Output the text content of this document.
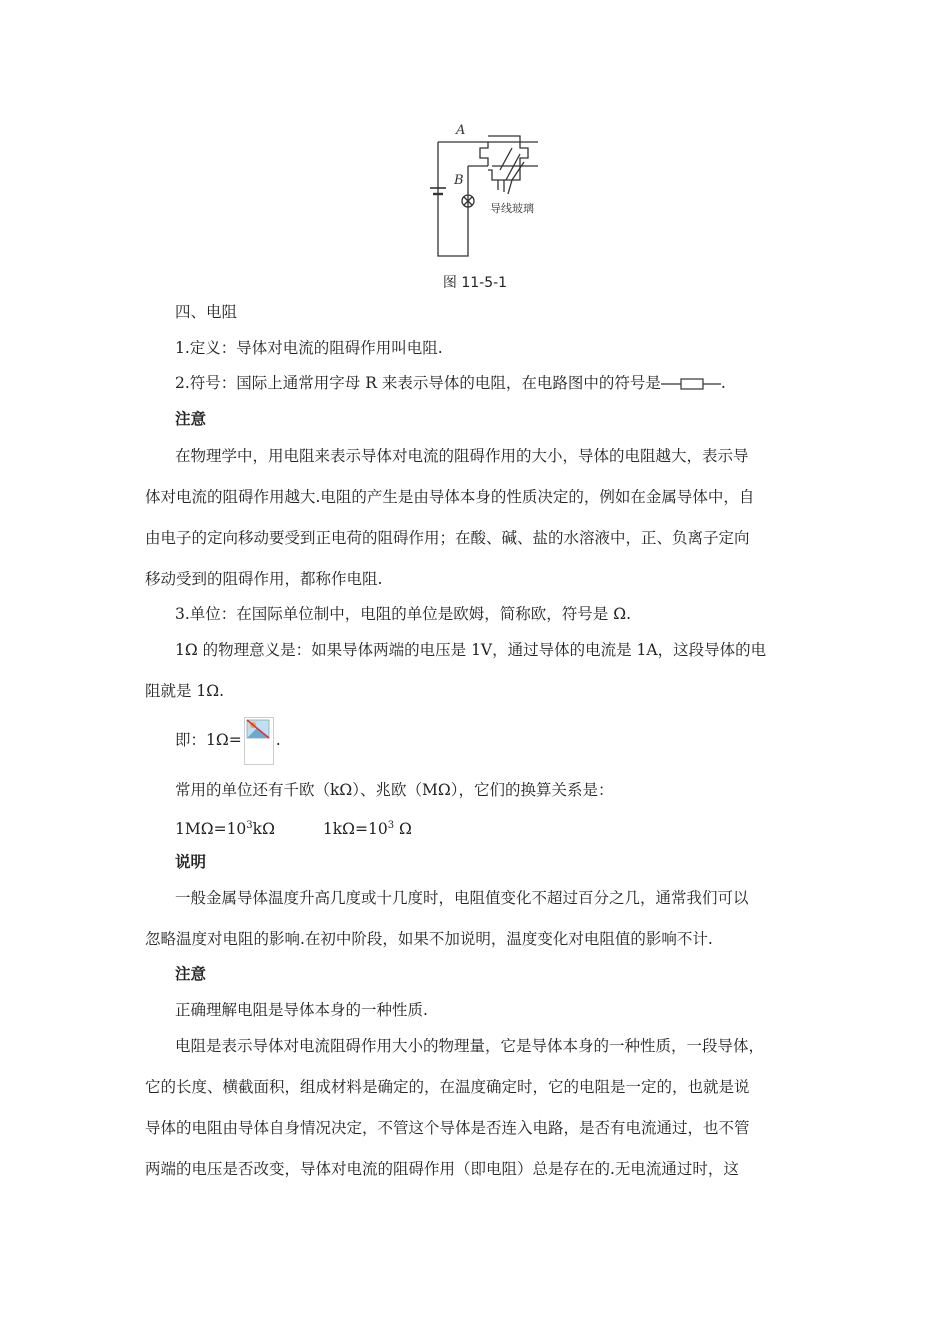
A
B
导线玻璃
图 11-5-1
四、电阻
1.定义：导体对电流的阻碍作用叫电阻.
2.符号：国际上通常用字母 R 来表示导体的电阻，在电路图中的符号是	.
注意
在物理学中，用电阻来表示导体对电流的阻碍作用的大小，导体的电阻越大，表示导
体对电流的阻碍作用越大.电阻的产生是由导体本身的性质决定的，例如在金属导体中，自
由电子的定向移动要受到正电荷的阻碍作用；在酸、碱、盐的水溶液中，正、负离子定向
移动受到的阻碍作用，都称作电阻.
3.单位：在国际单位制中，电阻的单位是欧姆，简称欧，符号是 Ω.
1Ω 的物理意义是：如果导体两端的电压是 1V，通过导体的电流是 1A，这段导体的电
阻就是 1Ω.
即：1Ω= .
常用的单位还有千欧（kΩ）、兆欧（MΩ），它们的换算关系是：
$1M\Omega=10^3k\Omega$	$1k\Omega=10^3$ Ω
说明
一般金属导体温度升高几度或十几度时，电阻值变化不超过百分之几，通常我们可以
忽略温度对电阻的影响.在初中阶段，如果不加说明，温度变化对电阻值的影响不计.
注意
正确理解电阻是导体本身的一种性质.
电阻是表示导体对电流阻碍作用大小的物理量，它是导体本身的一种性质，一段导体，
它的长度、横截面积，组成材料是确定的，在温度确定时，它的电阻是一定的，也就是说
导体的电阻由导体自身情况决定，不管这个导体是否连入电路，是否有电流通过，也不管
两端的电压是否改变，导体对电流的阻碍作用（即电阻）总是存在的.无电流通过时，这
